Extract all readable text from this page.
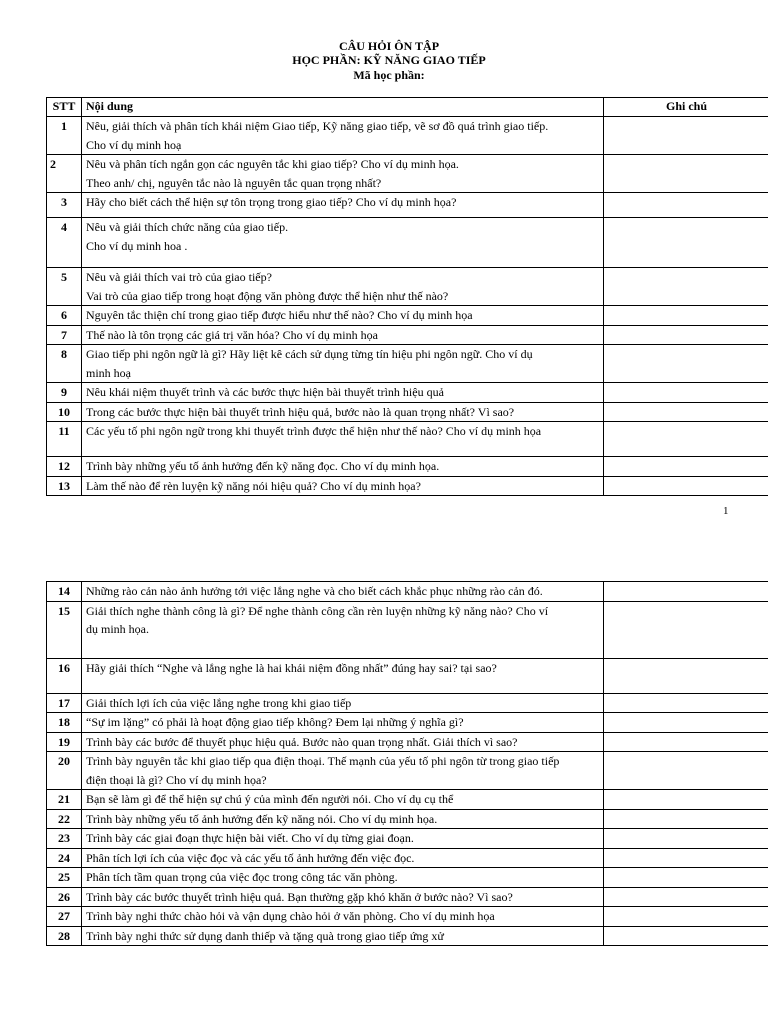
CÂU HỎI ÔN TẬP
HỌC PHẦN: KỸ NĂNG GIAO TIẾP
Mã học phần:
STT	Nội dung	Ghi chú
1	Nêu, giải thích và phân tích khái niệm Giao tiếp, Kỹ năng giao tiếp, vẽ sơ đồ quá trình giao tiếp.
Cho ví dụ minh hoạ	

2	Nêu và phân tích ngắn gọn các nguyên tắc khi giao tiếp? Cho ví dụ minh họa.
Theo anh/ chị, nguyên tắc nào là nguyên tắc quan trọng nhất?	

3	Hãy cho biết cách thể hiện sự tôn trọng trong giao tiếp? Cho ví dụ minh họa?	

4	Nêu và giải thích chức năng của giao tiếp.
Cho ví dụ minh hoa .	

5	Nêu và giải thích vai trò của giao tiếp?
Vai trò của giao tiếp trong hoạt động văn phòng được thể hiện như thế nào?	

6	Nguyên tắc thiện chí trong giao tiếp được hiểu như thế nào? Cho ví dụ minh họa	

7	Thế nào là tôn trọng các giá trị văn hóa? Cho ví dụ minh họa	

8	Giao tiếp phi ngôn ngữ là gì? Hãy liệt kê cách sử dụng từng tín hiệu phi ngôn ngữ. Cho ví dụ
minh hoạ	

9	Nêu khái niệm thuyết trình và các bước thực hiện bài thuyết trình hiệu quả	

10	Trong các bước thực hiện bài thuyết trình hiệu quả, bước nào là quan trọng nhất? Vì sao?	

11	Các yếu tố phi ngôn ngữ trong khi thuyết trình được thể hiện như thế nào? Cho ví dụ minh họa	

12	Trình bày những yếu tố ảnh hưởng đến kỹ năng đọc. Cho ví dụ minh họa.	

13	Làm thế nào để rèn luyện kỹ năng nói hiệu quả? Cho ví dụ minh họa?	

1
14	Những rào cản nào ảnh hưởng tới việc lắng nghe và cho biết cách khắc phục những rào cản đó.	

15	Giải thích nghe thành công là gì? Để nghe thành công cần rèn luyện những kỹ năng nào? Cho ví
dụ minh họa.	

16	Hãy giải thích “Nghe và lắng nghe là hai khái niệm đồng nhất” đúng hay sai? tại sao?	

17	Giải thích lợi ích của việc lắng nghe trong khi giao tiếp	

18	“Sự im lặng” có phải là hoạt động giao tiếp không? Đem lại những ý nghĩa gì?	

19	Trình bày các bước để thuyết phục hiệu quả. Bước nào quan trọng nhất. Giải thích vì sao?	

20	Trình bày nguyên tắc khi giao tiếp qua điện thoại. Thế mạnh của yếu tố phi ngôn từ trong giao tiếp
điện thoại là gì? Cho ví dụ minh họa?	

21	Bạn sẽ làm gì để thể hiện sự chú ý của mình đến người nói. Cho ví dụ cụ thể	

22	Trình bày những yếu tố ảnh hưởng đến kỹ năng nói. Cho ví dụ minh họa.	

23	Trình bày các giai đoạn thực hiện bài viết. Cho ví dụ từng giai đoạn.	

24	Phân tích lợi ích của việc đọc và các yếu tố ảnh hưởng đến việc đọc.	

25	Phân tích tầm quan trọng của việc đọc trong công tác văn phòng.	

26	Trình bày các bước thuyết trình hiệu quả. Bạn thường gặp khó khăn ở bước nào? Vì sao?	

27	Trình bày nghi thức chào hỏi và vận dụng chào hỏi ở văn phòng. Cho ví dụ minh họa	

28	Trình bày nghi thức sử dụng danh thiếp và tặng quà trong giao tiếp ứng xử	
